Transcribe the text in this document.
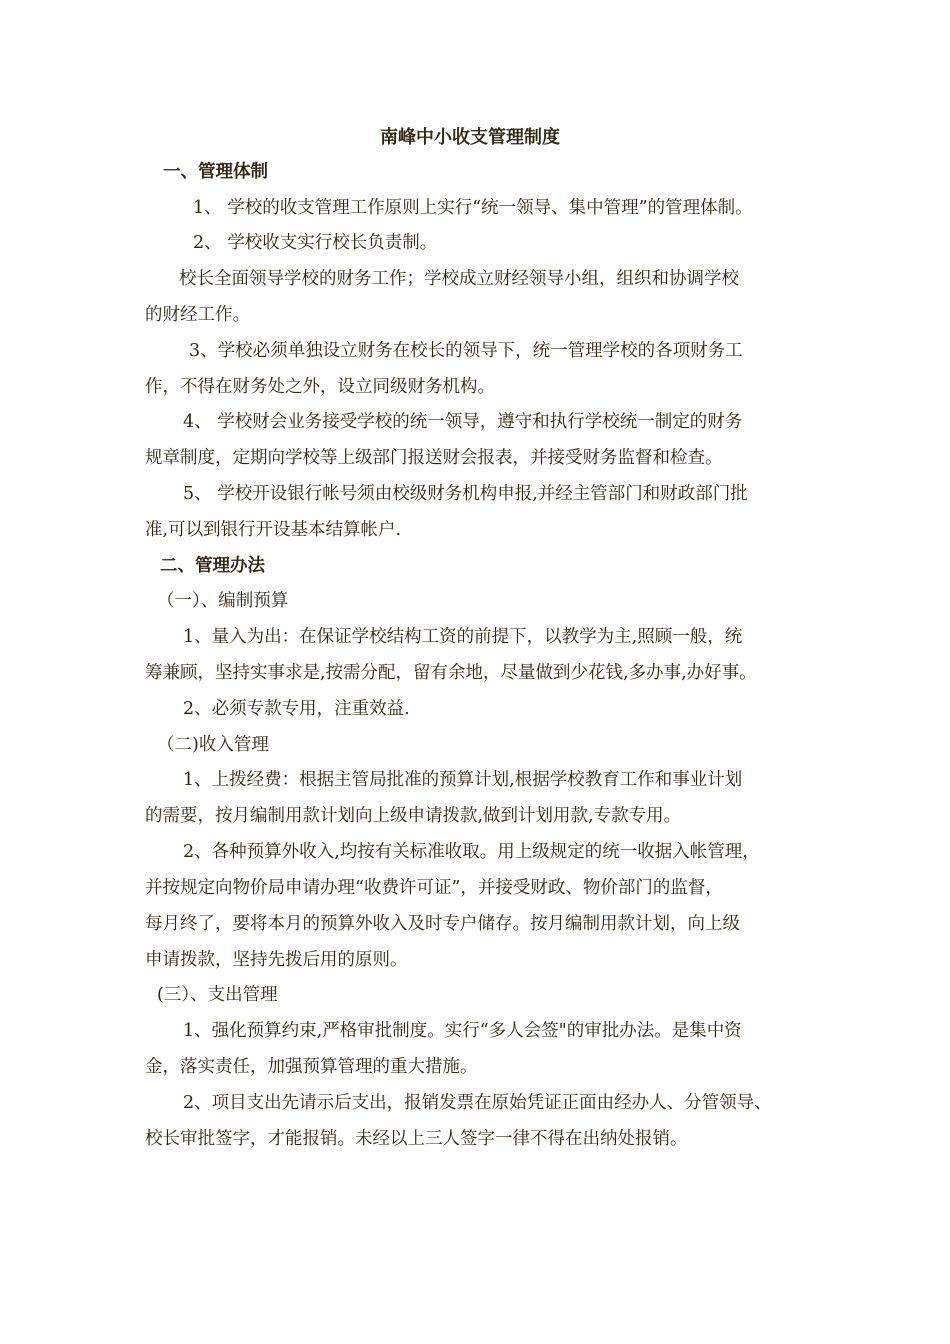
南峰中小收支管理制度
一、管理体制
1、 学校的收支管理工作原则上实行“统一领导、集中管理”的管理体制。
2、 学校收支实行校长负责制。
校长全面领导学校的财务工作；学校成立财经领导小组，组织和协调学校
的财经工作。
3、学校必须单独设立财务在校长的领导下，统一管理学校的各项财务工
作，不得在财务处之外，设立同级财务机构。
4、 学校财会业务接受学校的统一领导，遵守和执行学校统一制定的财务
规章制度，定期向学校等上级部门报送财会报表，并接受财务监督和检查。
5、 学校开设银行帐号须由校级财务机构申报,并经主管部门和财政部门批
准,可以到银行开设基本结算帐户.
二、管理办法
（一）、编制预算
1、量入为出：在保证学校结构工资的前提下，以教学为主,照顾一般，统
筹兼顾，坚持实事求是,按需分配，留有余地，尽量做到少花钱,多办事,办好事。
2、必须专款专用，注重效益.
（二)收入管理
1、上拨经费：根据主管局批准的预算计划,根据学校教育工作和事业计划
的需要，按月编制用款计划向上级申请拨款,做到计划用款,专款专用。
2、各种预算外收入,均按有关标准收取。用上级规定的统一收据入帐管理，
并按规定向物价局申请办理“收费许可证”，并接受财政、物价部门的监督，
每月终了，要将本月的预算外收入及时专户储存。按月编制用款计划，向上级
申请拨款，坚持先拨后用的原则。
(三）、支出管理
1、强化预算约束,严格审批制度。实行“多人会签"的审批办法。是集中资
金，落实责任，加强预算管理的重大措施。
2、项目支出先请示后支出，报销发票在原始凭证正面由经办人、分管领导、
校长审批签字，才能报销。未经以上三人签字一律不得在出纳处报销。
